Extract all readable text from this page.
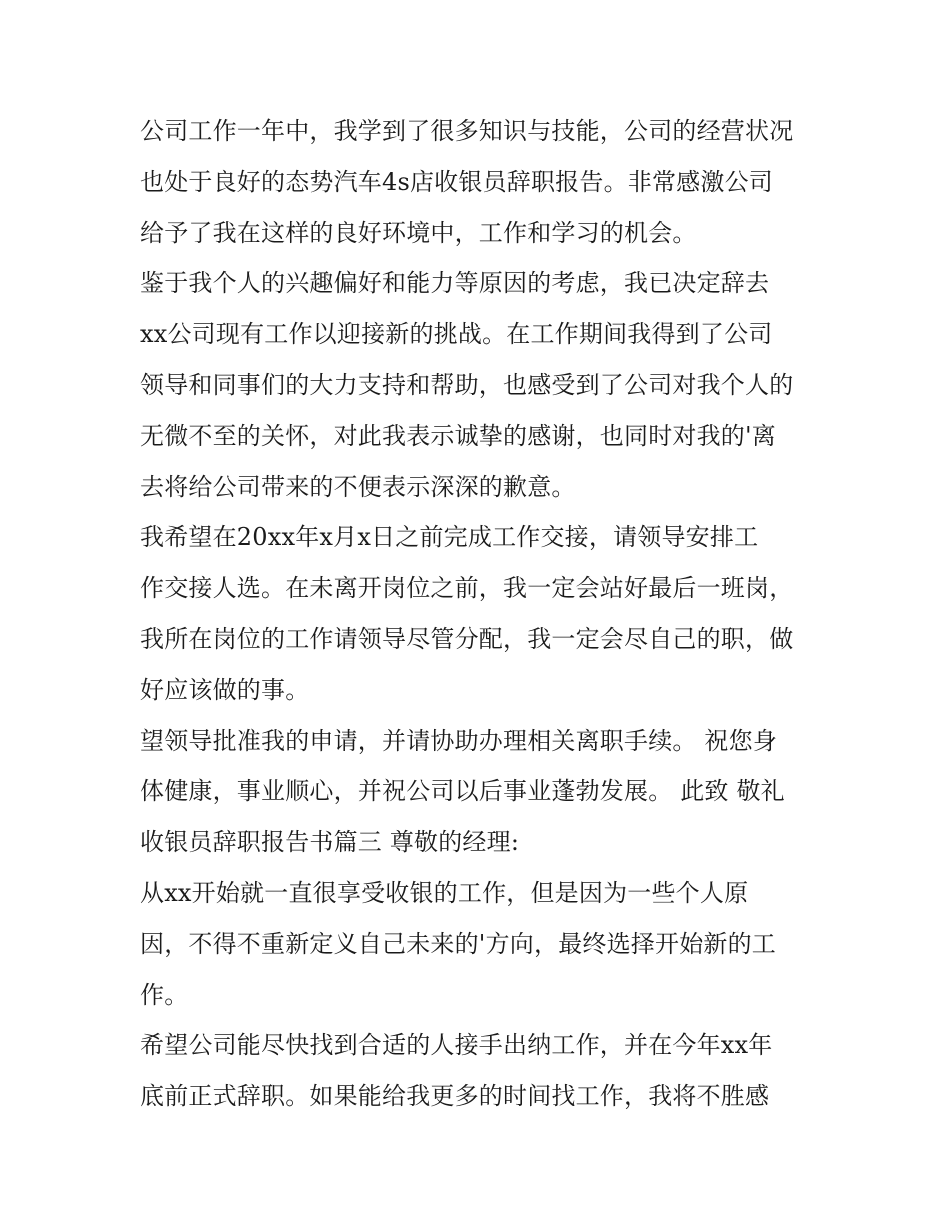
公司工作一年中，我学到了很多知识与技能，公司的经营状况
也处于良好的态势汽车4s店收银员辞职报告。非常感激公司
给予了我在这样的良好环境中，工作和学习的机会。
鉴于我个人的兴趣偏好和能力等原因的考虑，我已决定辞去
xx公司现有工作以迎接新的挑战。在工作期间我得到了公司
领导和同事们的大力支持和帮助，也感受到了公司对我个人的
无微不至的关怀，对此我表示诚挚的感谢，也同时对我的'离
去将给公司带来的不便表示深深的歉意。
我希望在20xx年x月x日之前完成工作交接，请领导安排工
作交接人选。在未离开岗位之前，我一定会站好最后一班岗，
我所在岗位的工作请领导尽管分配，我一定会尽自己的职，做
好应该做的事。
望领导批准我的申请，并请协助办理相关离职手续。 祝您身
体健康，事业顺心，并祝公司以后事业蓬勃发展。 此致 敬礼
收银员辞职报告书篇三 尊敬的经理:
从xx开始就一直很享受收银的工作，但是因为一些个人原
因，不得不重新定义自己未来的'方向，最终选择开始新的工
作。
希望公司能尽快找到合适的人接手出纳工作，并在今年xx年
底前正式辞职。如果能给我更多的时间找工作，我将不胜感
